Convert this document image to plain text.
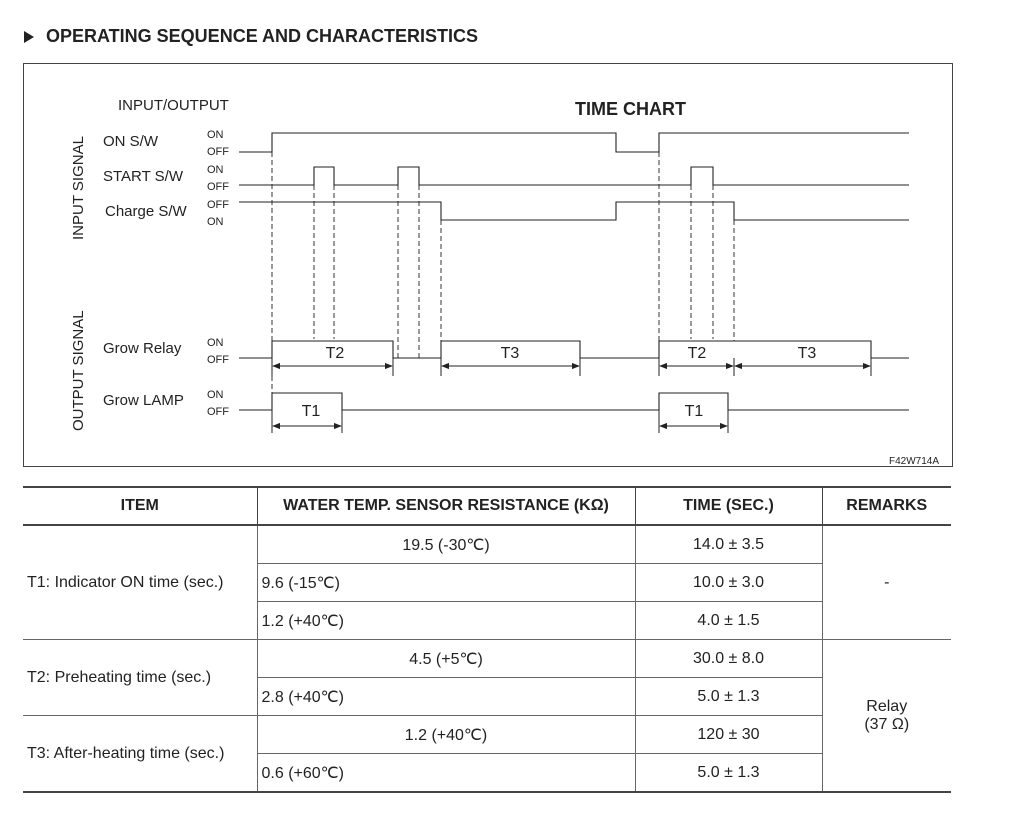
OPERATING SEQUENCE AND CHARACTERISTICS
INPUT/OUTPUT	TIME CHART
INPUT SIGNAL
OUTPUT SIGNAL
ON S/W
START S/W
Charge S/W
Grow Relay
Grow LAMP
ON
OFF
ON
OFF
OFF
ON
ON
OFF
ON
OFF
T2	T3	T2	T3
T1	T1
F42W714A
ITEM	WATER TEMP. SENSOR RESISTANCE (KΩ)	TIME (SEC.)	REMARKS
T1: Indicator ON time (sec.)	19.5 (-30℃)	14.0 ± 3.5	-
	9.6 (-15℃)	10.0 ± 3.0	
	1.2 (+40℃)	4.0 ± 1.5	
T2: Preheating time (sec.)	4.5 (+5℃)	30.0 ± 8.0	Relay
(37 Ω)

	2.8 (+40℃)	5.0 ± 1.3	
T3: After-heating time (sec.)	1.2 (+40℃)	120 ± 30	
	0.6 (+60℃)	5.0 ± 1.3	
